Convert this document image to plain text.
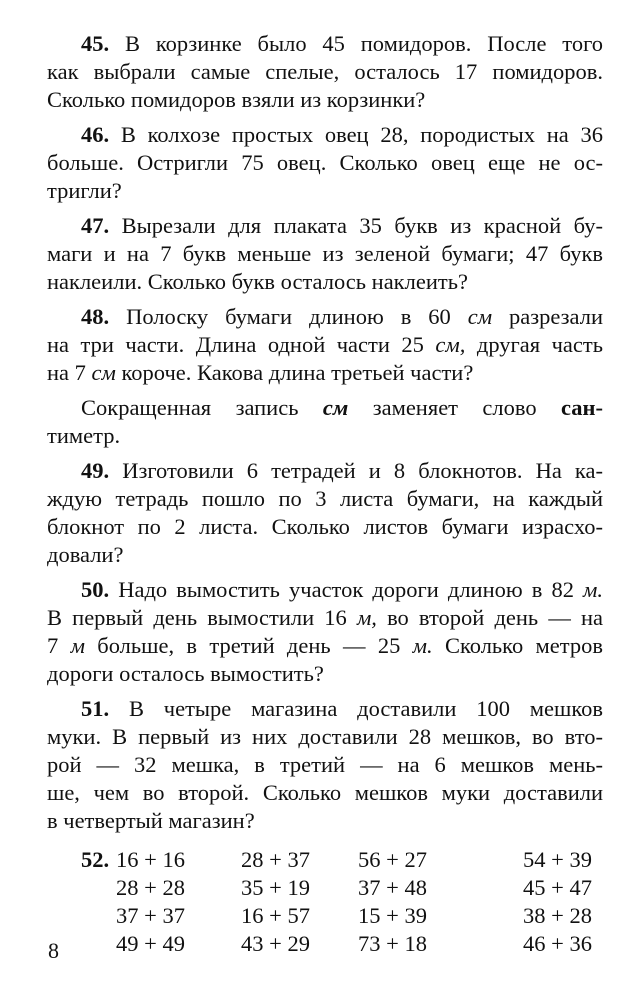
45. В корзинке было 45 помидоров. После того
как выбрали самые спелые, осталось 17 помидоров.
Сколько помидоров взяли из корзинки?
46. В колхозе простых овец 28, породистых на 36
больше. Остригли 75 овец. Сколько овец еще не ос-
тригли?
47. Вырезали для плаката 35 букв из красной бу-
маги и на 7 букв меньше из зеленой бумаги; 47 букв
наклеили. Сколько букв осталось наклеить?
48. Полоску бумаги длиною в 60 см разрезали
на три части. Длина одной части 25 см, другая часть
на 7 см короче. Какова длина третьей части?
Сокращенная запись см заменяет слово сан-
тиметр.
49. Изготовили 6 тетрадей и 8 блокнотов. На ка-
ждую тетрадь пошло по 3 листа бумаги, на каждый
блокнот по 2 листа. Сколько листов бумаги израсхо-
довали?
50. Надо вымостить участок дороги длиною в 82 м.
В первый день вымостили 16 м, во второй день — на
7 м больше, в третий день — 25 м. Сколько метров
дороги осталось вымостить?
51. В четыре магазина доставили 100 мешков
муки. В первый из них доставили 28 мешков, во вто-
рой — 32 мешка, в третий — на 6 мешков мень-
ше, чем во второй. Сколько мешков муки доставили
в четвертый магазин?
52. 16 + 16
28 + 28
37 + 37
49 + 49
28 + 37
35 + 19
16 + 57
43 + 29
56 + 27
37 + 48
15 + 39
73 + 18
54 + 39
45 + 47
38 + 28
46 + 36
8
